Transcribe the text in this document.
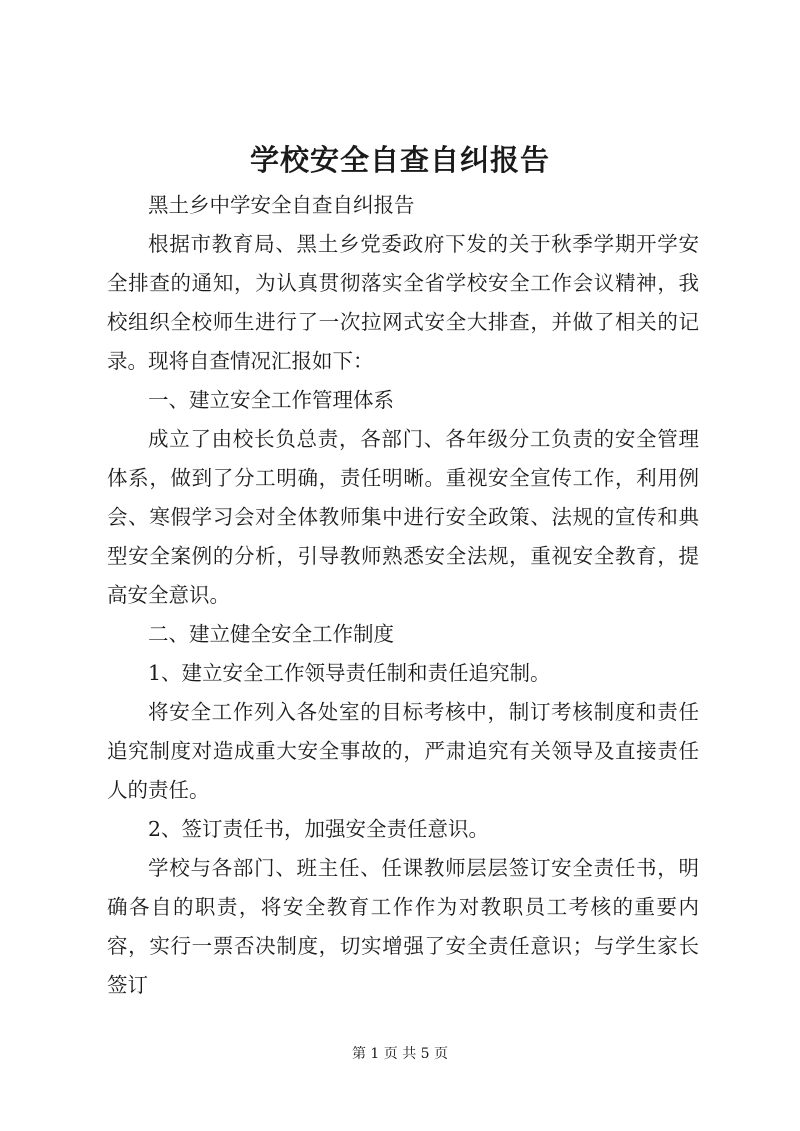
学校安全自查自纠报告

黑土乡中学安全自查自纠报告

根据市教育局、黑土乡党委政府下发的关于秋季学期开学安全排查的通知，为认真贯彻落实全省学校安全工作会议精神，我校组织全校师生进行了一次拉网式安全大排查，并做了相关的记录。现将自查情况汇报如下：

一、建立安全工作管理体系

成立了由校长负总责，各部门、各年级分工负责的安全管理体系，做到了分工明确，责任明晰。重视安全宣传工作，利用例会、寒假学习会对全体教师集中进行安全政策、法规的宣传和典型安全案例的分析，引导教师熟悉安全法规，重视安全教育，提高安全意识。

二、建立健全安全工作制度

1、建立安全工作领导责任制和责任追究制。

将安全工作列入各处室的目标考核中，制订考核制度和责任追究制度对造成重大安全事故的，严肃追究有关领导及直接责任人的责任。

2、签订责任书，加强安全责任意识。

学校与各部门、班主任、任课教师层层签订安全责任书，明确各自的职责，将安全教育工作作为对教职员工考核的重要内容，实行一票否决制度，切实增强了安全责任意识；与学生家长签订

第 1 页 共 5 页
